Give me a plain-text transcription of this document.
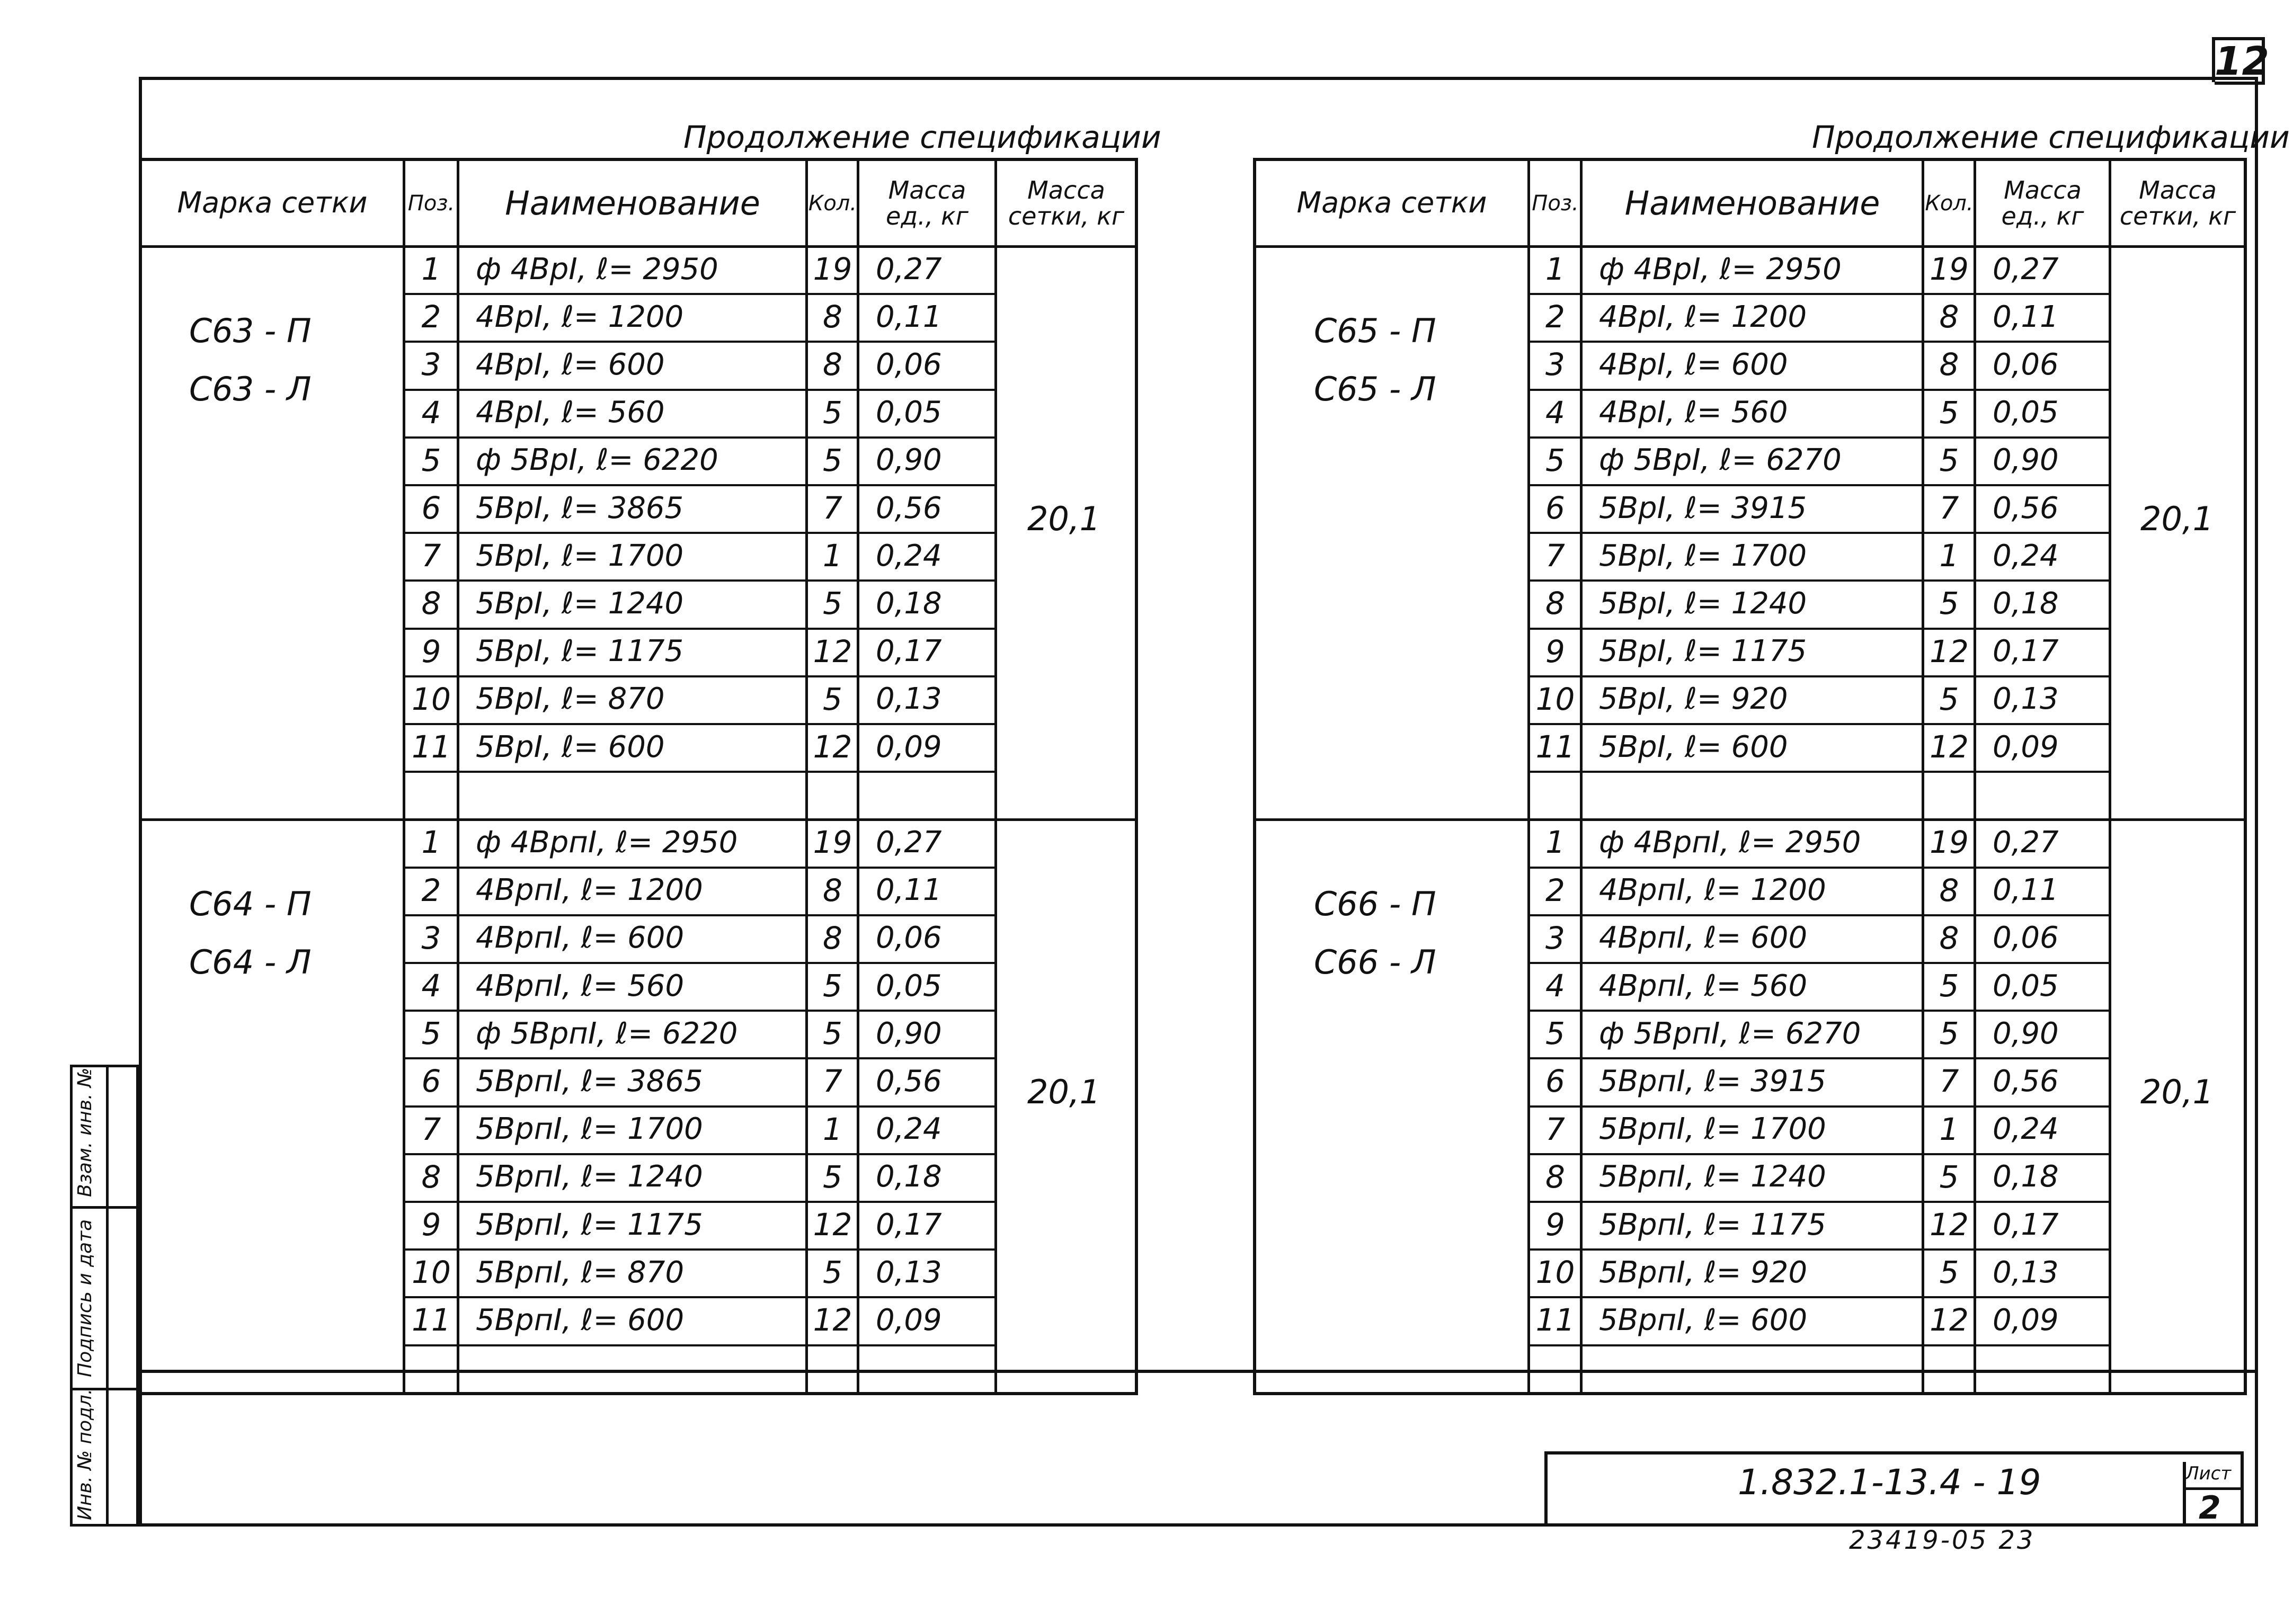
12
Инв. № подл.
Подпись и дата
Взам. инв. №
Продолжение спецификации
Марка сетки	Поз.	Наименование	Кол.	Масса ед., кг
Масса сетки, кг
1	ф 4ВрI, ℓ= 2950	19 0,27
2	4ВрI, ℓ= 1200	8	0,11
3	4ВрI, ℓ= 600	8	0,06
4	4ВрI, ℓ= 560	5	0,05
5	ф 5ВрI, ℓ= 6220	5	0,90
6	5ВрI, ℓ= 3865	7	0,56
7	5ВрI, ℓ= 1700	1	0,24
8	5ВрI, ℓ= 1240	5	0,18
9	5ВрI, ℓ= 1175	12 0,17
10 5ВрI, ℓ= 870	5	0,13
11 5ВрI, ℓ= 600	12 0,09
С63 - П
С63 - Л
20,1
1	ф 4ВрпI, ℓ= 2950	19 0,27
2	4ВрпI, ℓ= 1200	8	0,11
3	4ВрпI, ℓ= 600	8	0,06
4	4ВрпI, ℓ= 560	5	0,05
5	ф 5ВрпI, ℓ= 6220	5	0,90
6	5ВрпI, ℓ= 3865	7	0,56
7	5ВрпI, ℓ= 1700	1	0,24
8	5ВрпI, ℓ= 1240	5	0,18
9	5ВрпI, ℓ= 1175	12 0,17
10 5ВрпI, ℓ= 870	5	0,13
11 5ВрпI, ℓ= 600	12 0,09
С64 - П
С64 - Л
20,1
Продолжение спецификации
Марка сетки	Поз.	Наименование	Кол.	Масса ед., кг
Масса сетки, кг
1	ф 4ВрI, ℓ= 2950	19 0,27
2	4ВрI, ℓ= 1200	8	0,11
3	4ВрI, ℓ= 600	8	0,06
4	4ВрI, ℓ= 560	5	0,05
5	ф 5ВрI, ℓ= 6270	5	0,90
6	5ВрI, ℓ= 3915	7	0,56
7	5ВрI, ℓ= 1700	1	0,24
8	5ВрI, ℓ= 1240	5	0,18
9	5ВрI, ℓ= 1175	12 0,17
10 5ВрI, ℓ= 920	5	0,13
11 5ВрI, ℓ= 600	12 0,09
С65 - П
С65 - Л
20,1
1	ф 4ВрпI, ℓ= 2950	19 0,27
2	4ВрпI, ℓ= 1200	8	0,11
3	4ВрпI, ℓ= 600	8	0,06
4	4ВрпI, ℓ= 560	5	0,05
5	ф 5ВрпI, ℓ= 6270	5	0,90
6	5ВрпI, ℓ= 3915	7	0,56
7	5ВрпI, ℓ= 1700	1	0,24
8	5ВрпI, ℓ= 1240	5	0,18
9	5ВрпI, ℓ= 1175	12 0,17
10 5ВрпI, ℓ= 920	5	0,13
11 5ВрпI, ℓ= 600	12 0,09
С66 - П
С66 - Л
20,1
1.832.1-13.4 - 19	Лист
2
23419-05 23
